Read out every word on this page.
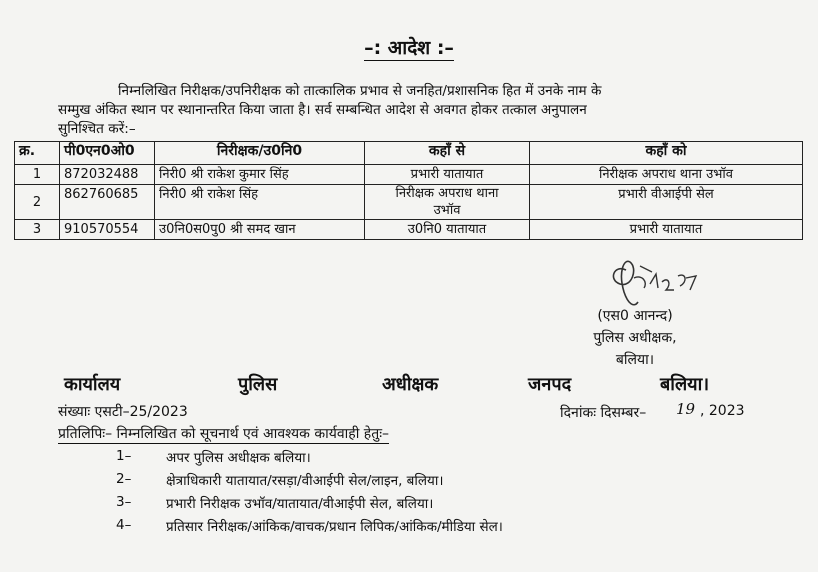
–: आदेश :–
निम्नलिखित निरीक्षक/उपनिरीक्षक को तात्कालिक प्रभाव से जनहित/प्रशासनिक हित में उनके नाम के
सम्मुख अंकित स्थान पर स्थानान्तरित किया जाता है। सर्व सम्बन्धित आदेश से अवगत होकर तत्काल अनुपालन
सुनिश्चित करें:–
क्र.	पी0एन0ओ0	निरीक्षक/उ0नि0	कहाँ से	कहाँ को
1	872032488	निरी0 श्री राकेश कुमार सिंह	प्रभारी यातायात	निरीक्षक अपराध थाना उभॉव
2	862760685	निरी0 श्री राकेश सिंह	निरीक्षक अपराध थाना उभॉव	प्रभारी वीआईपी सेल
3	910570554	उ0नि0स0पु0 श्री समद खान	उ0नि0 यातायात	प्रभारी यातायात
(एस0 आनन्द)
पुलिस अधीक्षक,
बलिया।
कार्यालय	पुलिस	अधीक्षक	जनपद	बलिया।
संख्याः एसटी–25/2023	दिनांकः दिसम्बर– 19 , 2023
प्रतिलिपिः– निम्नलिखित को सूचनार्थ एवं आवश्यक कार्यवाही हेतुः–
1–	अपर पुलिस अधीक्षक बलिया।
2–	क्षेत्राधिकारी यातायात/रसड़ा/वीआईपी सेल/लाइन, बलिया।
3–	प्रभारी निरीक्षक उभॉव/यातायात/वीआईपी सेल, बलिया।
4–	प्रतिसार निरीक्षक/आंकिक/वाचक/प्रधान लिपिक/आंकिक/मीडिया सेल।
